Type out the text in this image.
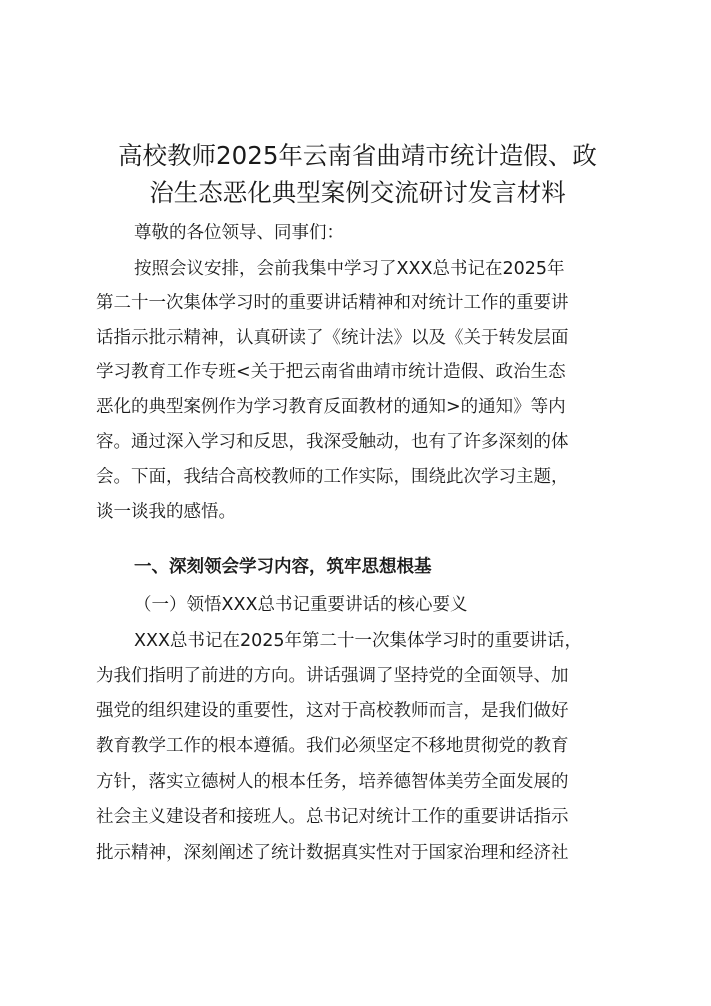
高校教师2025年云南省曲靖市统计造假、政
治生态恶化典型案例交流研讨发言材料

尊敬的各位领导、同事们：

按照会议安排，会前我集中学习了XXX总书记在2025年

第二十一次集体学习时的重要讲话精神和对统计工作的重要讲

话指示批示精神，认真研读了《统计法》以及《关于转发层面

学习教育工作专班<关于把云南省曲靖市统计造假、政治生态

恶化的典型案例作为学习教育反面教材的通知>的通知》等内

容。通过深入学习和反思，我深受触动，也有了许多深刻的体

会。下面，我结合高校教师的工作实际，围绕此次学习主题，

谈一谈我的感悟。

一、深刻领会学习内容，筑牢思想根基

（一）领悟XXX总书记重要讲话的核心要义

XXX总书记在2025年第二十一次集体学习时的重要讲话，

为我们指明了前进的方向。讲话强调了坚持党的全面领导、加

强党的组织建设的重要性，这对于高校教师而言，是我们做好

教育教学工作的根本遵循。我们必须坚定不移地贯彻党的教育

方针，落实立德树人的根本任务，培养德智体美劳全面发展的

社会主义建设者和接班人。总书记对统计工作的重要讲话指示

批示精神，深刻阐述了统计数据真实性对于国家治理和经济社
